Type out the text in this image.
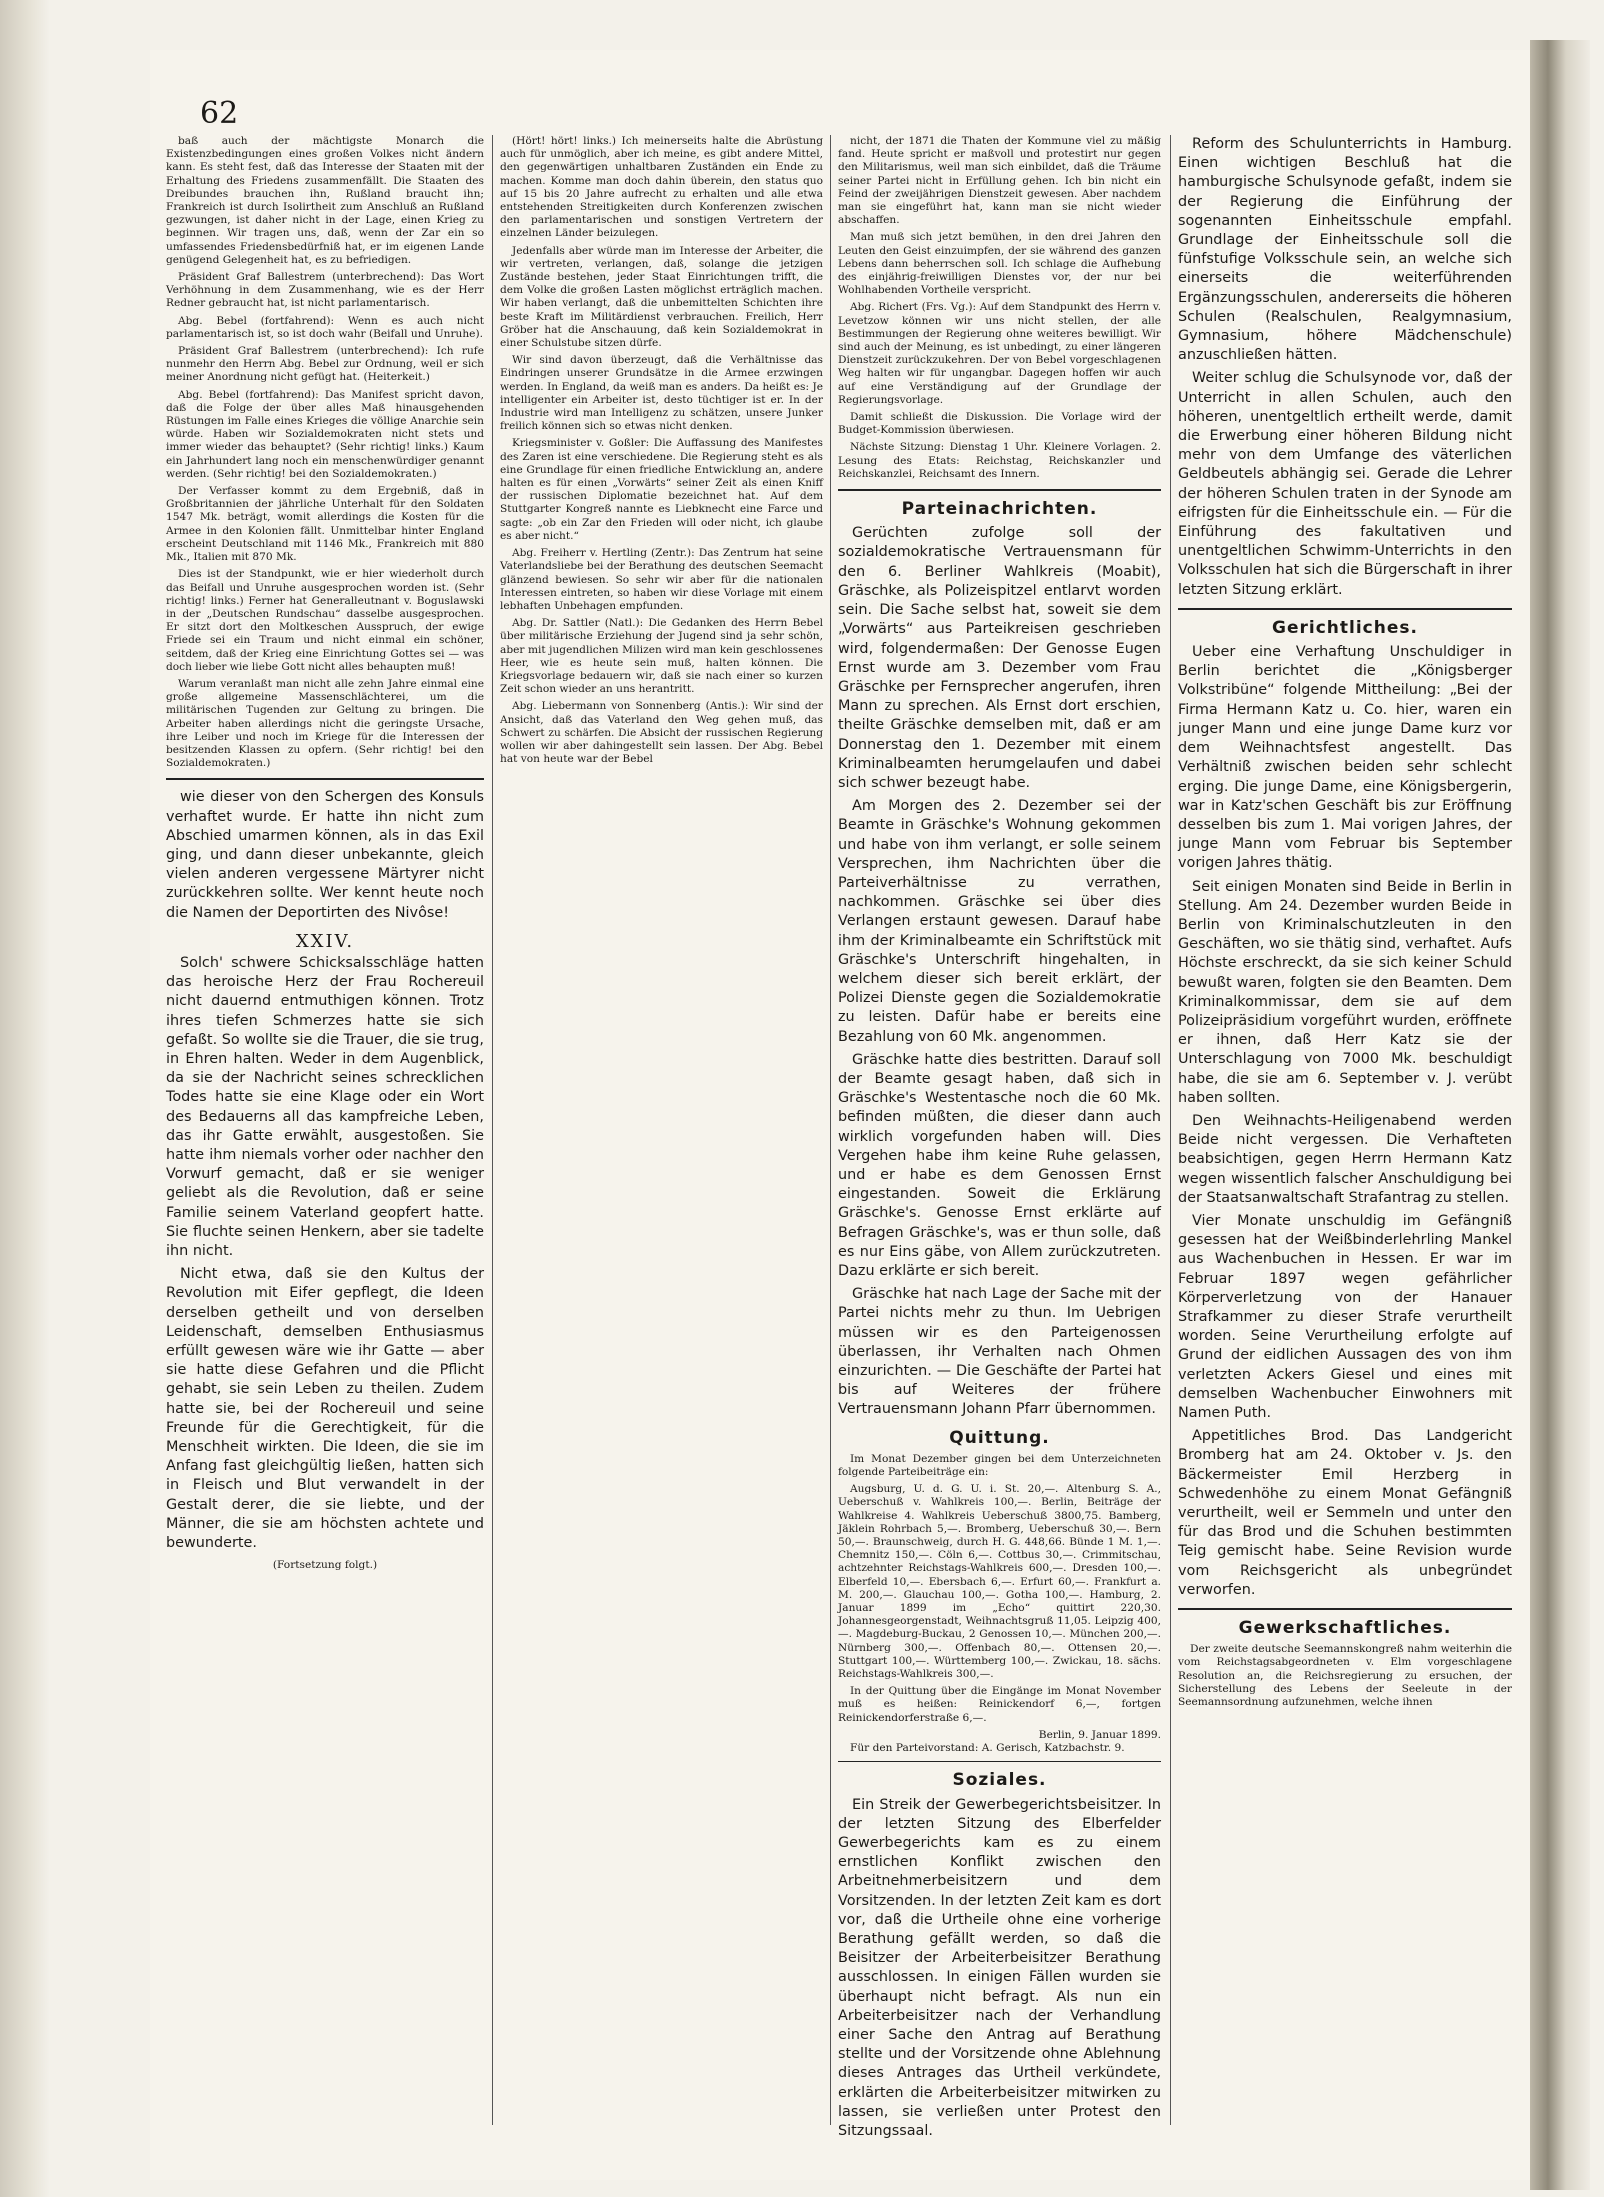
62

baß auch der mächtigste Monarch die Existenzbedingungen eines großen Volkes nicht ändern kann. Es steht fest, daß das Interesse der Staaten mit der Erhaltung des Friedens zusammenfällt. Die Staaten des Dreibundes brauchen ihn, Rußland braucht ihn; Frankreich ist durch Isolirtheit zum Anschluß an Rußland gezwungen, ist daher nicht in der Lage, einen Krieg zu beginnen. Wir tragen uns, daß, wenn der Zar ein so umfassendes Friedensbedürfniß hat, er im eigenen Lande genügend Gelegenheit hat, es zu befriedigen.

Präsident Graf Ballestrem (unterbrechend): Das Wort Verhöhnung in dem Zusammenhang, wie es der Herr Redner gebraucht hat, ist nicht parlamentarisch.

Abg. Bebel (fortfahrend): Wenn es auch nicht parlamentarisch ist, so ist doch wahr (Beifall und Unruhe).

Präsident Graf Ballestrem (unterbrechend): Ich rufe nunmehr den Herrn Abg. Bebel zur Ordnung, weil er sich meiner Anordnung nicht gefügt hat. (Heiterkeit.)

Abg. Bebel (fortfahrend): Das Manifest spricht davon, daß die Folge der über alles Maß hinausgehenden Rüstungen im Falle eines Krieges die völlige Anarchie sein würde. Haben wir Sozialdemokraten nicht stets und immer wieder das behauptet? (Sehr richtig! links.) Kaum ein Jahrhundert lang noch ein menschenwürdiger genannt werden. (Sehr richtig! bei den Sozialdemokraten.)

Der Verfasser kommt zu dem Ergebniß, daß in Großbritannien der jährliche Unterhalt für den Soldaten 1547 Mk. beträgt, womit allerdings die Kosten für die Armee in den Kolonien fällt. Unmittelbar hinter England erscheint Deutschland mit 1146 Mk., Frankreich mit 880 Mk., Italien mit 870 Mk.

Dies ist der Standpunkt, wie er hier wiederholt durch das Beifall und Unruhe ausgesprochen worden ist. (Sehr richtig! links.) Ferner hat Generalleutnant v. Boguslawski in der „Deutschen Rundschau“ dasselbe ausgesprochen. Er sitzt dort den Moltkeschen Ausspruch, der ewige Friede sei ein Traum und nicht einmal ein schöner, seitdem, daß der Krieg eine Einrichtung Gottes sei — was doch lieber wie liebe Gott nicht alles behaupten muß!

Warum veranlaßt man nicht alle zehn Jahre einmal eine große allgemeine Massenschlächterei, um die militärischen Tugenden zur Geltung zu bringen. Die Arbeiter haben allerdings nicht die geringste Ursache, ihre Leiber und noch im Kriege für die Interessen der besitzenden Klassen zu opfern. (Sehr richtig! bei den Sozialdemokraten.)

wie dieser von den Schergen des Konsuls verhaftet wurde. Er hatte ihn nicht zum Abschied umarmen können, als in das Exil ging, und dann dieser unbekannte, gleich vielen anderen vergessene Märtyrer nicht zurückkehren sollte. Wer kennt heute noch die Namen der Deportirten des Nivôse!

XXIV.

Solch' schwere Schicksalsschläge hatten das heroische Herz der Frau Rochereuil nicht dauernd entmuthigen können. Trotz ihres tiefen Schmerzes hatte sie sich gefaßt. So wollte sie die Trauer, die sie trug, in Ehren halten. Weder in dem Augenblick, da sie der Nachricht seines schrecklichen Todes hatte sie eine Klage oder ein Wort des Bedauerns all das kampfreiche Leben, das ihr Gatte erwählt, ausgestoßen. Sie hatte ihm niemals vorher oder nachher den Vorwurf gemacht, daß er sie weniger geliebt als die Revolution, daß er seine Familie seinem Vaterland geopfert hatte. Sie fluchte seinen Henkern, aber sie tadelte ihn nicht.

Nicht etwa, daß sie den Kultus der Revolution mit Eifer gepflegt, die Ideen derselben getheilt und von derselben Leidenschaft, demselben Enthusiasmus erfüllt gewesen wäre wie ihr Gatte — aber sie hatte diese Gefahren und die Pflicht gehabt, sie sein Leben zu theilen. Zudem hatte sie, bei der Rochereuil und seine Freunde für die Gerechtigkeit, für die Menschheit wirkten. Die Ideen, die sie im Anfang fast gleichgültig ließen, hatten sich in Fleisch und Blut verwandelt in der Gestalt derer, die sie liebte, und der Männer, die sie am höchsten achtete und bewunderte.

(Fortsetzung folgt.)

(Hört! hört! links.) Ich meinerseits halte die Abrüstung auch für unmöglich, aber ich meine, es gibt andere Mittel, den gegenwärtigen unhaltbaren Zuständen ein Ende zu machen. Komme man doch dahin überein, den status quo auf 15 bis 20 Jahre aufrecht zu erhalten und alle etwa entstehenden Streitigkeiten durch Konferenzen zwischen den parlamentarischen und sonstigen Vertretern der einzelnen Länder beizulegen.

Jedenfalls aber würde man im Interesse der Arbeiter, die wir vertreten, verlangen, daß, solange die jetzigen Zustände bestehen, jeder Staat Einrichtungen trifft, die dem Volke die großen Lasten möglichst erträglich machen. Wir haben verlangt, daß die unbemittelten Schichten ihre beste Kraft im Militärdienst verbrauchen. Freilich, Herr Gröber hat die Anschauung, daß kein Sozialdemokrat in einer Schulstube sitzen dürfe.

Wir sind davon überzeugt, daß die Verhältnisse das Eindringen unserer Grundsätze in die Armee erzwingen werden. In England, da weiß man es anders. Da heißt es: Je intelligenter ein Arbeiter ist, desto tüchtiger ist er. In der Industrie wird man Intelligenz zu schätzen, unsere Junker freilich können sich so etwas nicht denken.

Kriegsminister v. Goßler: Die Auffassung des Manifestes des Zaren ist eine verschiedene. Die Regierung steht es als eine Grundlage für einen friedliche Entwicklung an, andere halten es für einen „Vorwärts“ seiner Zeit als einen Kniff der russischen Diplomatie bezeichnet hat. Auf dem Stuttgarter Kongreß nannte es Liebknecht eine Farce und sagte: „ob ein Zar den Frieden will oder nicht, ich glaube es aber nicht.“

Abg. Freiherr v. Hertling (Zentr.): Das Zentrum hat seine Vaterlandsliebe bei der Berathung des deutschen Seemacht glänzend bewiesen. So sehr wir aber für die nationalen Interessen eintreten, so haben wir diese Vorlage mit einem lebhaften Unbehagen empfunden.

Abg. Dr. Sattler (Natl.): Die Gedanken des Herrn Bebel über militärische Erziehung der Jugend sind ja sehr schön, aber mit jugendlichen Milizen wird man kein geschlossenes Heer, wie es heute sein muß, halten können. Die Kriegsvorlage bedauern wir, daß sie nach einer so kurzen Zeit schon wieder an uns herantritt.

Abg. Liebermann von Sonnenberg (Antis.): Wir sind der Ansicht, daß das Vaterland den Weg gehen muß, das Schwert zu schärfen. Die Absicht der russischen Regierung wollen wir aber dahingestellt sein lassen. Der Abg. Bebel hat von heute war der Bebel

nicht, der 1871 die Thaten der Kommune viel zu mäßig fand. Heute spricht er maßvoll und protestirt nur gegen den Militarismus, weil man sich einbildet, daß die Träume seiner Partei nicht in Erfüllung gehen. Ich bin nicht ein Feind der zweijährigen Dienstzeit gewesen. Aber nachdem man sie eingeführt hat, kann man sie nicht wieder abschaffen.

Man muß sich jetzt bemühen, in den drei Jahren den Leuten den Geist einzuimpfen, der sie während des ganzen Lebens dann beherrschen soll. Ich schlage die Aufhebung des einjährig-freiwilligen Dienstes vor, der nur bei Wohlhabenden Vortheile verspricht.

Abg. Richert (Frs. Vg.): Auf dem Standpunkt des Herrn v. Levetzow können wir uns nicht stellen, der alle Bestimmungen der Regierung ohne weiteres bewilligt. Wir sind auch der Meinung, es ist unbedingt, zu einer längeren Dienstzeit zurückzukehren. Der von Bebel vorgeschlagenen Weg halten wir für ungangbar. Dagegen hoffen wir auch auf eine Verständigung auf der Grundlage der Regierungsvorlage.

Damit schließt die Diskussion. Die Vorlage wird der Budget-Kommission überwiesen.

Nächste Sitzung: Dienstag 1 Uhr. Kleinere Vorlagen. 2. Lesung des Etats: Reichstag, Reichskanzler und Reichskanzlei, Reichsamt des Innern.

Parteinachrichten.

Gerüchten zufolge soll der sozialdemokratische Vertrauensmann für den 6. Berliner Wahlkreis (Moabit), Gräschke, als Polizeispitzel entlarvt worden sein. Die Sache selbst hat, soweit sie dem „Vorwärts“ aus Parteikreisen geschrieben wird, folgendermaßen: Der Genosse Eugen Ernst wurde am 3. Dezember vom Frau Gräschke per Fernsprecher angerufen, ihren Mann zu sprechen. Als Ernst dort erschien, theilte Gräschke demselben mit, daß er am Donnerstag den 1. Dezember mit einem Kriminalbeamten herumgelaufen und dabei sich schwer bezeugt habe.

Am Morgen des 2. Dezember sei der Beamte in Gräschke's Wohnung gekommen und habe von ihm verlangt, er solle seinem Versprechen, ihm Nachrichten über die Parteiverhältnisse zu verrathen, nachkommen. Gräschke sei über dies Verlangen erstaunt gewesen. Darauf habe ihm der Kriminalbeamte ein Schriftstück mit Gräschke's Unterschrift hingehalten, in welchem dieser sich bereit erklärt, der Polizei Dienste gegen die Sozialdemokratie zu leisten. Dafür habe er bereits eine Bezahlung von 60 Mk. angenommen.

Gräschke hatte dies bestritten. Darauf soll der Beamte gesagt haben, daß sich in Gräschke's Westentasche noch die 60 Mk. befinden müßten, die dieser dann auch wirklich vorgefunden haben will. Dies Vergehen habe ihm keine Ruhe gelassen, und er habe es dem Genossen Ernst eingestanden. Soweit die Erklärung Gräschke's. Genosse Ernst erklärte auf Befragen Gräschke's, was er thun solle, daß es nur Eins gäbe, von Allem zurückzutreten. Dazu erklärte er sich bereit.

Gräschke hat nach Lage der Sache mit der Partei nichts mehr zu thun. Im Uebrigen müssen wir es den Parteigenossen überlassen, ihr Verhalten nach Ohmen einzurichten. — Die Geschäfte der Partei hat bis auf Weiteres der frühere Vertrauensmann Johann Pfarr übernommen.

Quittung.

Im Monat Dezember gingen bei dem Unterzeichneten folgende Parteibeiträge ein:

Augsburg, U. d. G. U. i. St. 20,—. Altenburg S. A., Ueberschuß v. Wahlkreis 100,—. Berlin, Beiträge der Wahlkreise 4. Wahlkreis Ueberschuß 3800,75. Bamberg, Jäklein Rohrbach 5,—. Bromberg, Ueberschuß 30,—. Bern 50,—. Braunschweig, durch H. G. 448,66. Bünde 1 M. 1,—. Chemnitz 150,—. Cöln 6,—. Cottbus 30,—. Crimmitschau, achtzehnter Reichstags-Wahlkreis 600,—. Dresden 100,—. Elberfeld 10,—. Ebersbach 6,—. Erfurt 60,—. Frankfurt a. M. 200,—. Glauchau 100,—. Gotha 100,—. Hamburg, 2. Januar 1899 im „Echo“ quittirt 220,30. Johannesgeorgenstadt, Weihnachtsgruß 11,05. Leipzig 400,—. Magdeburg-Buckau, 2 Genossen 10,—. München 200,—. Nürnberg 300,—. Offenbach 80,—. Ottensen 20,—. Stuttgart 100,—. Württemberg 100,—. Zwickau, 18. sächs. Reichstags-Wahlkreis 300,—.

In der Quittung über die Eingänge im Monat November muß es heißen: Reinickendorf 6,—, fortgen Reinickendorferstraße 6,—.

Berlin, 9. Januar 1899.

Für den Parteivorstand: A. Gerisch, Katzbachstr. 9.

Soziales.

Ein Streik der Gewerbegerichtsbeisitzer. In der letzten Sitzung des Elberfelder Gewerbegerichts kam es zu einem ernstlichen Konflikt zwischen den Arbeitnehmerbeisitzern und dem Vorsitzenden. In der letzten Zeit kam es dort vor, daß die Urtheile ohne eine vorherige Berathung gefällt werden, so daß die Beisitzer der Arbeiterbeisitzer Berathung ausschlossen. In einigen Fällen wurden sie überhaupt nicht befragt. Als nun ein Arbeiterbeisitzer nach der Verhandlung einer Sache den Antrag auf Berathung stellte und der Vorsitzende ohne Ablehnung dieses Antrages das Urtheil verkündete, erklärten die Arbeiterbeisitzer mitwirken zu lassen, sie verließen unter Protest den Sitzungssaal.

Reform des Schulunterrichts in Hamburg. Einen wichtigen Beschluß hat die hamburgische Schulsynode gefaßt, indem sie der Regierung die Einführung der sogenannten Einheitsschule empfahl. Grundlage der Einheitsschule soll die fünfstufige Volksschule sein, an welche sich einerseits die weiterführenden Ergänzungsschulen, andererseits die höheren Schulen (Realschulen, Realgymnasium, Gymnasium, höhere Mädchenschule) anzuschließen hätten.

Weiter schlug die Schulsynode vor, daß der Unterricht in allen Schulen, auch den höheren, unentgeltlich ertheilt werde, damit die Erwerbung einer höheren Bildung nicht mehr von dem Umfange des väterlichen Geldbeutels abhängig sei. Gerade die Lehrer der höheren Schulen traten in der Synode am eifrigsten für die Einheitsschule ein. — Für die Einführung des fakultativen und unentgeltlichen Schwimm-Unterrichts in den Volksschulen hat sich die Bürgerschaft in ihrer letzten Sitzung erklärt.

Gerichtliches.

Ueber eine Verhaftung Unschuldiger in Berlin berichtet die „Königsberger Volkstribüne“ folgende Mittheilung: „Bei der Firma Hermann Katz u. Co. hier, waren ein junger Mann und eine junge Dame kurz vor dem Weihnachtsfest angestellt. Das Verhältniß zwischen beiden sehr schlecht erging. Die junge Dame, eine Königsbergerin, war in Katz'schen Geschäft bis zur Eröffnung desselben bis zum 1. Mai vorigen Jahres, der junge Mann vom Februar bis September vorigen Jahres thätig.

Seit einigen Monaten sind Beide in Berlin in Stellung. Am 24. Dezember wurden Beide in Berlin von Kriminalschutzleuten in den Geschäften, wo sie thätig sind, verhaftet. Aufs Höchste erschreckt, da sie sich keiner Schuld bewußt waren, folgten sie den Beamten. Dem Kriminalkommissar, dem sie auf dem Polizeipräsidium vorgeführt wurden, eröffnete er ihnen, daß Herr Katz sie der Unterschlagung von 7000 Mk. beschuldigt habe, die sie am 6. September v. J. verübt haben sollten.

Den Weihnachts-Heiligenabend werden Beide nicht vergessen. Die Verhafteten beabsichtigen, gegen Herrn Hermann Katz wegen wissentlich falscher Anschuldigung bei der Staatsanwaltschaft Strafantrag zu stellen.

Vier Monate unschuldig im Gefängniß gesessen hat der Weißbinderlehrling Mankel aus Wachenbuchen in Hessen. Er war im Februar 1897 wegen gefährlicher Körperverletzung von der Hanauer Strafkammer zu dieser Strafe verurtheilt worden. Seine Verurtheilung erfolgte auf Grund der eidlichen Aussagen des von ihm verletzten Ackers Giesel und eines mit demselben Wachenbucher Einwohners mit Namen Puth.

Appetitliches Brod. Das Landgericht Bromberg hat am 24. Oktober v. Js. den Bäckermeister Emil Herzberg in Schwedenhöhe zu einem Monat Gefängniß verurtheilt, weil er Semmeln und unter den für das Brod und die Schuhen bestimmten Teig gemischt habe. Seine Revision wurde vom Reichsgericht als unbegründet verworfen.

Gewerkschaftliches.

Der zweite deutsche Seemannskongreß nahm weiterhin die vom Reichstagsabgeordneten v. Elm vorgeschlagene Resolution an, die Reichsregierung zu ersuchen, der Sicherstellung des Lebens der Seeleute in der Seemannsordnung aufzunehmen, welche ihnen
